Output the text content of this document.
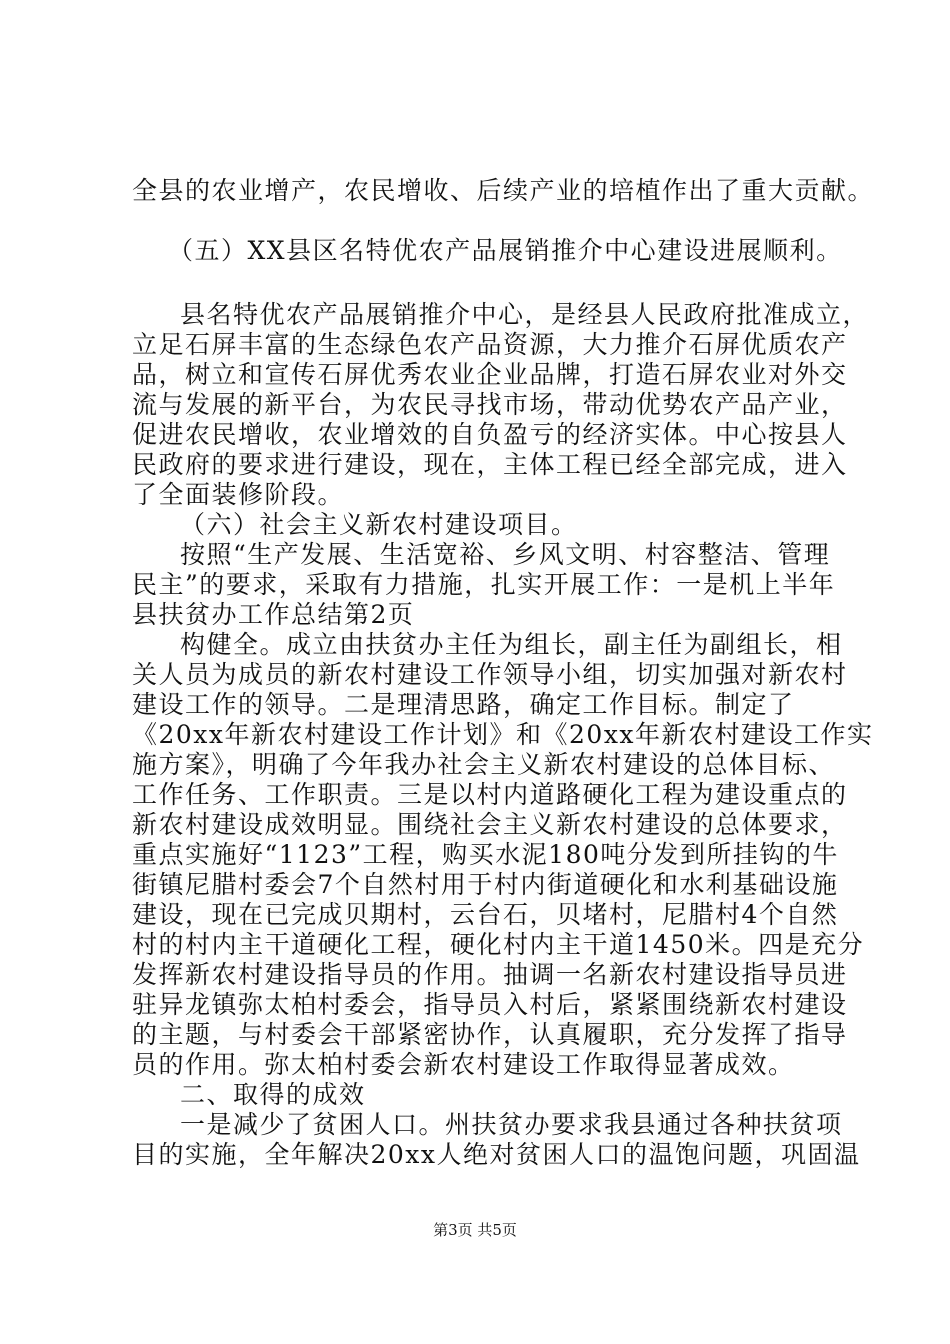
全县的农业增产，农民增收、后续产业的培植作出了重大贡献。
（五）XX县区名特优农产品展销推介中心建设进展顺利。
县名特优农产品展销推介中心，是经县人民政府批准成立，
立足石屏丰富的生态绿色农产品资源，大力推介石屏优质农产
品，树立和宣传石屏优秀农业企业品牌，打造石屏农业对外交
流与发展的新平台，为农民寻找市场，带动优势农产品产业，
促进农民增收，农业增效的自负盈亏的经济实体。中心按县人
民政府的要求进行建设，现在，主体工程已经全部完成，进入
了全面装修阶段。
（六）社会主义新农村建设项目。
按照“生产发展、生活宽裕、乡风文明、村容整洁、管理
民主”的要求，采取有力措施，扎实开展工作：一是机上半年
县扶贫办工作总结第2页
构健全。成立由扶贫办主任为组长，副主任为副组长，相
关人员为成员的新农村建设工作领导小组，切实加强对新农村
建设工作的领导。二是理清思路，确定工作目标。制定了
《20xx年新农村建设工作计划》和《20xx年新农村建设工作实
施方案》，明确了今年我办社会主义新农村建设的总体目标、
工作任务、工作职责。三是以村内道路硬化工程为建设重点的
新农村建设成效明显。围绕社会主义新农村建设的总体要求，
重点实施好“1123”工程，购买水泥180吨分发到所挂钩的牛
街镇尼腊村委会7个自然村用于村内街道硬化和水利基础设施
建设，现在已完成贝期村，云台石，贝堵村，尼腊村4个自然
村的村内主干道硬化工程，硬化村内主干道1450米。四是充分
发挥新农村建设指导员的作用。抽调一名新农村建设指导员进
驻异龙镇弥太柏村委会，指导员入村后，紧紧围绕新农村建设
的主题，与村委会干部紧密协作，认真履职，充分发挥了指导
员的作用。弥太柏村委会新农村建设工作取得显著成效。
二、取得的成效
一是减少了贫困人口。州扶贫办要求我县通过各种扶贫项
目的实施，全年解决20xx人绝对贫困人口的温饱问题，巩固温
第3页 共5页
